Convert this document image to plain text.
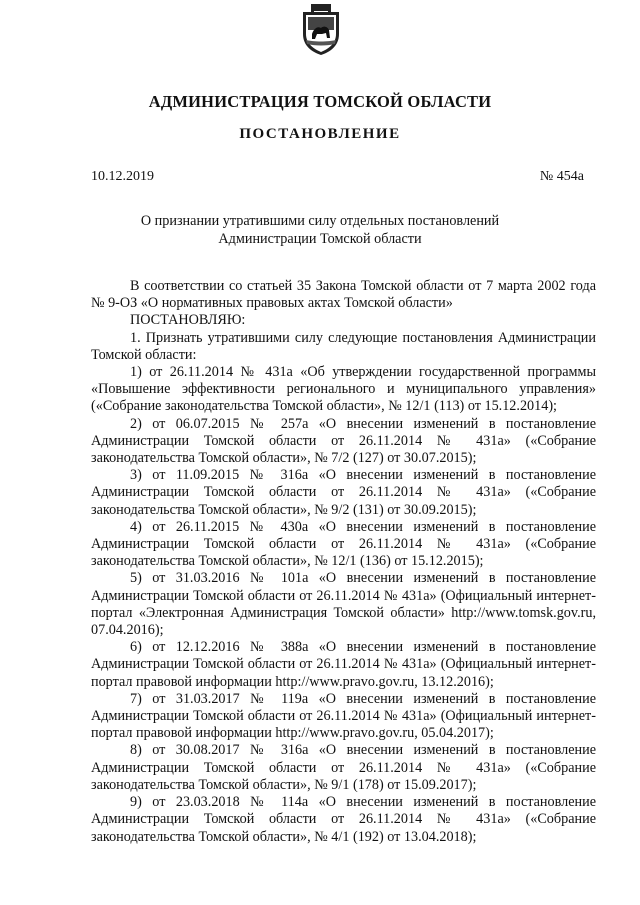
АДМИНИСТРАЦИЯ ТОМСКОЙ ОБЛАСТИ
ПОСТАНОВЛЕНИЕ
10.12.2019	№ 454а
О признании утратившими силу отдельных постановлений
Администрации Томской области

В соответствии со статьей 35 Закона Томской области от 7 марта 2002 года № 9-ОЗ «О нормативных правовых актах Томской области»

ПОСТАНОВЛЯЮ:

1. Признать утратившими силу следующие постановления Администрации Томской области:

1) от 26.11.2014 № 431а «Об утверждении государственной программы «Повышение эффективности регионального и муниципального управления» («Собрание законодательства Томской области», № 12/1 (113) от 15.12.2014);

2) от 06.07.2015 № 257а «О внесении изменений в постановление Администрации Томской области от 26.11.2014 № 431а» («Собрание законодательства Томской области», № 7/2 (127) от 30.07.2015);

3) от 11.09.2015 № 316а «О внесении изменений в постановление Администрации Томской области от 26.11.2014 № 431а» («Собрание законодательства Томской области», № 9/2 (131) от 30.09.2015);

4) от 26.11.2015 № 430а «О внесении изменений в постановление Администрации Томской области от 26.11.2014 № 431а» («Собрание законодательства Томской области», № 12/1 (136) от 15.12.2015);

5) от 31.03.2016 № 101а «О внесении изменений в постановление Администрации Томской области от 26.11.2014 № 431а» (Официальный интернет-портал «Электронная Администрация Томской области» http://www.tomsk.gov.ru, 07.04.2016);

6) от 12.12.2016 № 388а «О внесении изменений в постановление Администрации Томской области от 26.11.2014 № 431а» (Официальный интернет-портал правовой информации http://www.pravo.gov.ru, 13.12.2016);

7) от 31.03.2017 № 119а «О внесении изменений в постановление Администрации Томской области от 26.11.2014 № 431а» (Официальный интернет-портал правовой информации http://www.pravo.gov.ru, 05.04.2017);

8) от 30.08.2017 № 316а «О внесении изменений в постановление Администрации Томской области от 26.11.2014 № 431а» («Собрание законодательства Томской области», № 9/1 (178) от 15.09.2017);

9) от 23.03.2018 № 114а «О внесении изменений в постановление Администрации Томской области от 26.11.2014 № 431а» («Собрание законодательства Томской области», № 4/1 (192) от 13.04.2018);
